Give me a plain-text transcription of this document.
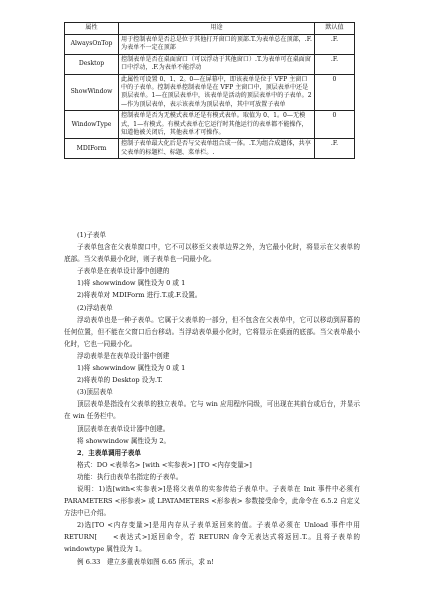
属性	用途	默认值
AlwaysOnTop	用于控制表单是否总是位于其他打开窗口的顶部.T.为表单总在顶部，.F.为表单不一定在顶部	.F.
Desktop	控制表单是否在桌面窗口（可以浮动于其他窗口）.T.为表单可在桌面窗口中浮动，.F.为表单不能浮动	.F.
ShowWindow	此属性可设置 0、1、2。0—在屏幕中，即该表单是位于 VFP 主窗口中的子表单。控制表单控制表单是在 VFP 主窗口中，顶层表单中还是顶层表单。1—在顶层表单中，该表单是活动的顶层表单中的子表单。2—作为顶层表单，表示该表单为顶层表单，其中可放置子表单	0
WindowType	控制表单是否为无模式表单还是有模式表单。取值为 0、1。0—无模式，1—有模式。有模式表单在它运行时其他运行的表单都不能操作，知道他被关闭后，其他表单才可操作。	0
MDIForm	控制子表单最大化后是否与父表单组合成一体。.T.为组合成遗体，共享父表单的标题栏、标题、菜单栏。.	.F.

(1)子表单

子表单包含在父表单窗口中，它不可以移至父表单边界之外，为它最小化时，将显示在父表单的底部。当父表单最小化时，则子表单也一同最小化。

子表单是在表单设计器中创建的

1)将 showwindow 属性设为 0 或 1

2)将表单对 MDIForm 进行.T.或.F.设置。

(2)浮动表单

浮动表单也是一种子表单。它属于父表单的一部分，但不包含在父表单中，它可以移动到屏幕的任何位置，但不能在父窗口后台移动。当浮动表单最小化时，它将显示在桌面的底部。当父表单最小化时，它也一同最小化。

浮动表单是在表单设计器中创建

1)将 showwindow 属性设为 0 或 1

2)将表单的 Desktop 设为.T.

(3)顶层表单

顶层表单是指没有父表单的独立表单。它与 win 应用程序同级，可出现在其前台或后台，并显示在 win 任务栏中。

顶层表单在表单设计器中创建。

将 showwindow 属性设为 2。

2．主表单调用子表单

格式：DO <表单名> [with <实参表>] [TO <内存变量>]

功能：执行由表单名指定的子表单。

说明：1)选[with<实参表>]是将父表单的实参传给子表单中。子表单在 Init 事件中必须有 PARAMETERS <形参表> 或 LPATAMETERS <形参表> 参数接受命令，此命令在 6.5.2 自定义方法中已介绍。

2)选[TO <内存变量>]是用内存从子表单返回来的值。子表单必须在 Unload 事件中用 RETURN[　　<表达式>]返回命令，若 RETURN 命令无表达式将返回.T.。且将子表单的 windowtype 属性设为 1。

例 6.33　建立多重表单如图 6.65 所示，求 n!
